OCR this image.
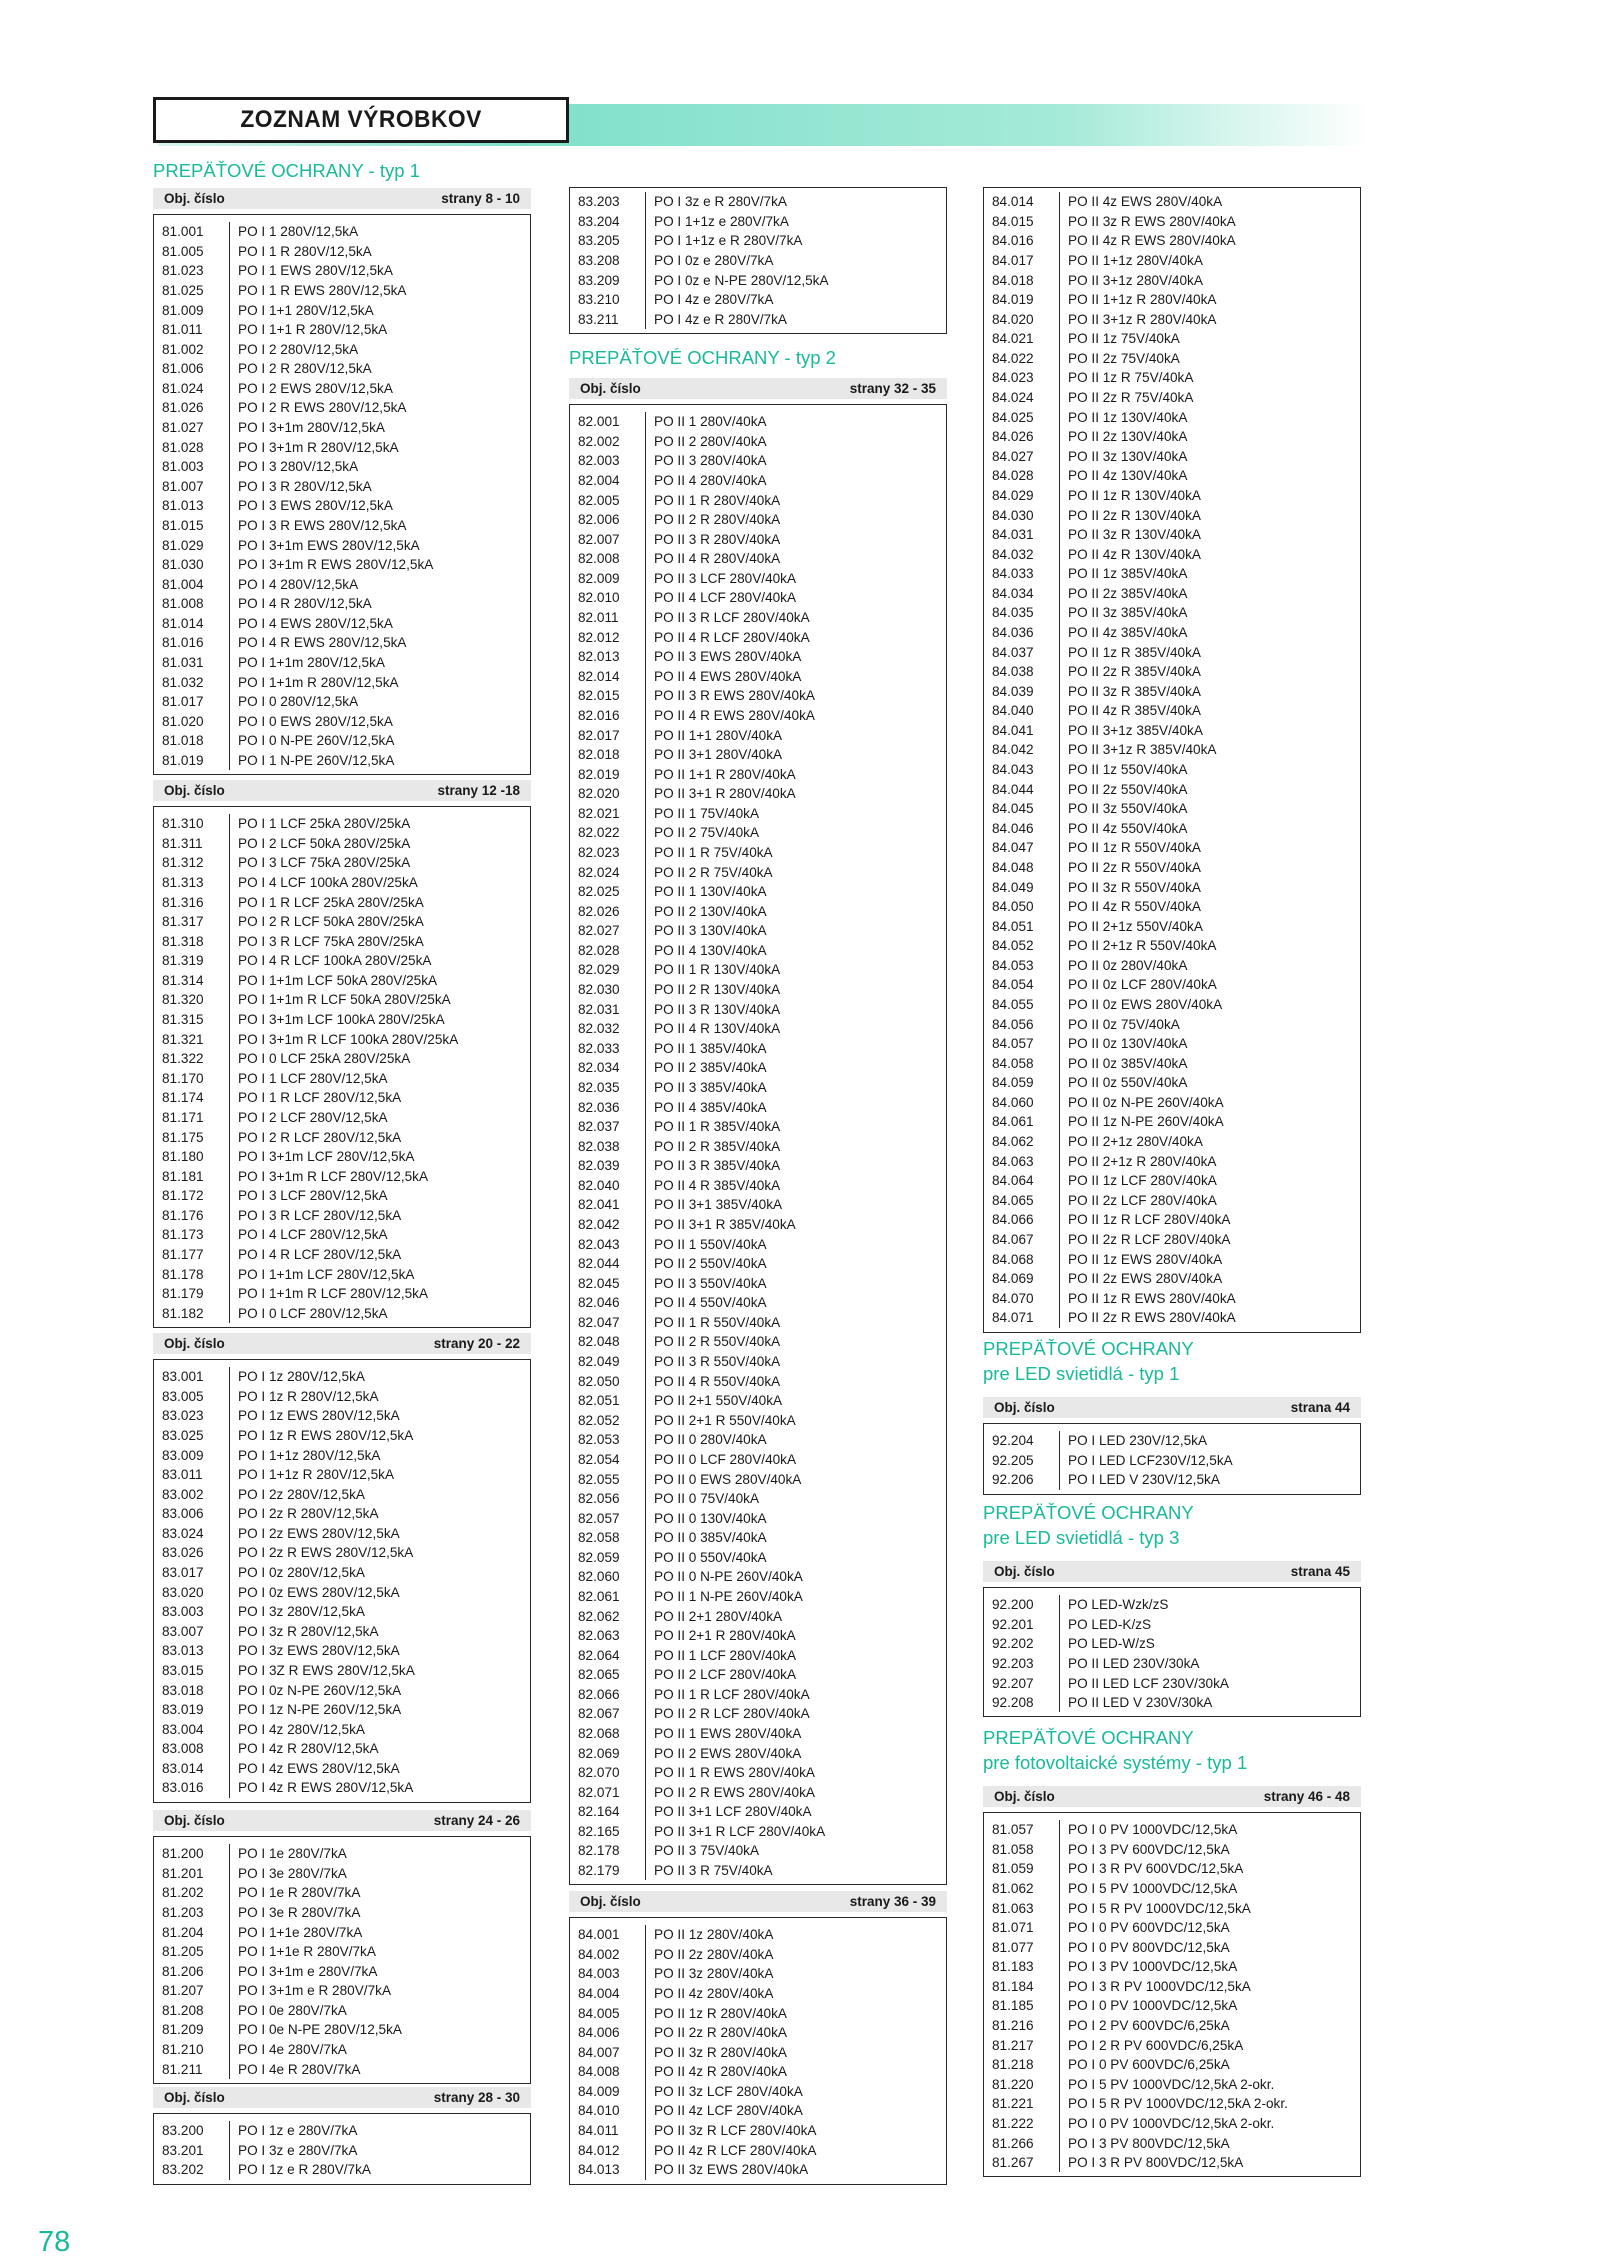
ZOZNAM VÝROBKOV
PREPÄŤOVÉ OCHRANY - typ 1
Obj. číslo	strany 8 - 10
81.001	PO I 1 280V/12,5kA
81.005	PO I 1 R 280V/12,5kA
81.023	PO I 1 EWS 280V/12,5kA
81.025	PO I 1 R EWS 280V/12,5kA
81.009	PO I 1+1 280V/12,5kA
81.011	PO I 1+1 R 280V/12,5kA
81.002	PO I 2 280V/12,5kA
81.006	PO I 2 R 280V/12,5kA
81.024	PO I 2 EWS 280V/12,5kA
81.026	PO I 2 R EWS 280V/12,5kA
81.027	PO I 3+1m 280V/12,5kA
81.028	PO I 3+1m R 280V/12,5kA
81.003	PO I 3 280V/12,5kA
81.007	PO I 3 R 280V/12,5kA
81.013	PO I 3 EWS 280V/12,5kA
81.015	PO I 3 R EWS 280V/12,5kA
81.029	PO I 3+1m EWS 280V/12,5kA
81.030	PO I 3+1m R EWS 280V/12,5kA
81.004	PO I 4 280V/12,5kA
81.008	PO I 4 R 280V/12,5kA
81.014	PO I 4 EWS 280V/12,5kA
81.016	PO I 4 R EWS 280V/12,5kA
81.031	PO I 1+1m 280V/12,5kA
81.032	PO I 1+1m R 280V/12,5kA
81.017	PO I 0 280V/12,5kA
81.020	PO I 0 EWS 280V/12,5kA
81.018	PO I 0 N-PE 260V/12,5kA
81.019	PO I 1 N-PE 260V/12,5kA
Obj. číslo	strany 12 -18
81.310	PO I 1 LCF 25kA 280V/25kA
81.311	PO I 2 LCF 50kA 280V/25kA
81.312	PO I 3 LCF 75kA 280V/25kA
81.313	PO I 4 LCF 100kA 280V/25kA
81.316	PO I 1 R LCF 25kA 280V/25kA
81.317	PO I 2 R LCF 50kA 280V/25kA
81.318	PO I 3 R LCF 75kA 280V/25kA
81.319	PO I 4 R LCF 100kA 280V/25kA
81.314	PO I 1+1m LCF 50kA 280V/25kA
81.320	PO I 1+1m R LCF 50kA 280V/25kA
81.315	PO I 3+1m LCF 100kA 280V/25kA
81.321	PO I 3+1m R LCF 100kA 280V/25kA
81.322	PO I 0 LCF 25kA 280V/25kA
81.170	PO I 1 LCF 280V/12,5kA
81.174	PO I 1 R LCF 280V/12,5kA
81.171	PO I 2 LCF 280V/12,5kA
81.175	PO I 2 R LCF 280V/12,5kA
81.180	PO I 3+1m LCF 280V/12,5kA
81.181	PO I 3+1m R LCF 280V/12,5kA
81.172	PO I 3 LCF 280V/12,5kA
81.176	PO I 3 R LCF 280V/12,5kA
81.173	PO I 4 LCF 280V/12,5kA
81.177	PO I 4 R LCF 280V/12,5kA
81.178	PO I 1+1m LCF 280V/12,5kA
81.179	PO I 1+1m R LCF 280V/12,5kA
81.182	PO I 0 LCF 280V/12,5kA
Obj. číslo	strany 20 - 22
83.001	PO I 1z 280V/12,5kA
83.005	PO I 1z R 280V/12,5kA
83.023	PO I 1z EWS 280V/12,5kA
83.025	PO I 1z R EWS 280V/12,5kA
83.009	PO I 1+1z 280V/12,5kA
83.011	PO I 1+1z R 280V/12,5kA
83.002	PO I 2z 280V/12,5kA
83.006	PO I 2z R 280V/12,5kA
83.024	PO I 2z EWS 280V/12,5kA
83.026	PO I 2z R EWS 280V/12,5kA
83.017	PO I 0z 280V/12,5kA
83.020	PO I 0z EWS 280V/12,5kA
83.003	PO I 3z 280V/12,5kA
83.007	PO I 3z R 280V/12,5kA
83.013	PO I 3z EWS 280V/12,5kA
83.015	PO I 3Z R EWS 280V/12,5kA
83.018	PO I 0z N-PE 260V/12,5kA
83.019	PO I 1z N-PE 260V/12,5kA
83.004	PO I 4z 280V/12,5kA
83.008	PO I 4z R 280V/12,5kA
83.014	PO I 4z EWS 280V/12,5kA
83.016	PO I 4z R EWS 280V/12,5kA
Obj. číslo	strany 24 - 26
81.200	PO I 1e 280V/7kA
81.201	PO I 3e 280V/7kA
81.202	PO I 1e R 280V/7kA
81.203	PO I 3e R 280V/7kA
81.204	PO I 1+1e 280V/7kA
81.205	PO I 1+1e R 280V/7kA
81.206	PO I 3+1m e 280V/7kA
81.207	PO I 3+1m e R 280V/7kA
81.208	PO I 0e 280V/7kA
81.209	PO I 0e N-PE 280V/12,5kA
81.210	PO I 4e 280V/7kA
81.211	PO I 4e R 280V/7kA
Obj. číslo	strany 28 - 30
83.200	PO I 1z e 280V/7kA
83.201	PO I 3z e 280V/7kA
83.202	PO I 1z e R 280V/7kA
83.203	PO I 3z e R 280V/7kA
83.204	PO I 1+1z e 280V/7kA
83.205	PO I 1+1z e R 280V/7kA
83.208	PO I 0z e 280V/7kA
83.209	PO I 0z e N-PE 280V/12,5kA
83.210	PO I 4z e 280V/7kA
83.211	PO I 4z e R 280V/7kA
PREPÄŤOVÉ OCHRANY - typ 2
Obj. číslo	strany 32 - 35
82.001	PO II 1 280V/40kA
82.002	PO II 2 280V/40kA
82.003	PO II 3 280V/40kA
82.004	PO II 4 280V/40kA
82.005	PO II 1 R 280V/40kA
82.006	PO II 2 R 280V/40kA
82.007	PO II 3 R 280V/40kA
82.008	PO II 4 R 280V/40kA
82.009	PO II 3 LCF 280V/40kA
82.010	PO II 4 LCF 280V/40kA
82.011	PO II 3 R LCF 280V/40kA
82.012	PO II 4 R LCF 280V/40kA
82.013	PO II 3 EWS 280V/40kA
82.014	PO II 4 EWS 280V/40kA
82.015	PO II 3 R EWS 280V/40kA
82.016	PO II 4 R EWS 280V/40kA
82.017	PO II 1+1 280V/40kA
82.018	PO II 3+1 280V/40kA
82.019	PO II 1+1 R 280V/40kA
82.020	PO II 3+1 R 280V/40kA
82.021	PO II 1 75V/40kA
82.022	PO II 2 75V/40kA
82.023	PO II 1 R 75V/40kA
82.024	PO II 2 R 75V/40kA
82.025	PO II 1 130V/40kA
82.026	PO II 2 130V/40kA
82.027	PO II 3 130V/40kA
82.028	PO II 4 130V/40kA
82.029	PO II 1 R 130V/40kA
82.030	PO II 2 R 130V/40kA
82.031	PO II 3 R 130V/40kA
82.032	PO II 4 R 130V/40kA
82.033	PO II 1 385V/40kA
82.034	PO II 2 385V/40kA
82.035	PO II 3 385V/40kA
82.036	PO II 4 385V/40kA
82.037	PO II 1 R 385V/40kA
82.038	PO II 2 R 385V/40kA
82.039	PO II 3 R 385V/40kA
82.040	PO II 4 R 385V/40kA
82.041	PO II 3+1 385V/40kA
82.042	PO II 3+1 R 385V/40kA
82.043	PO II 1 550V/40kA
82.044	PO II 2 550V/40kA
82.045	PO II 3 550V/40kA
82.046	PO II 4 550V/40kA
82.047	PO II 1 R 550V/40kA
82.048	PO II 2 R 550V/40kA
82.049	PO II 3 R 550V/40kA
82.050	PO II 4 R 550V/40kA
82.051	PO II 2+1 550V/40kA
82.052	PO II 2+1 R 550V/40kA
82.053	PO II 0 280V/40kA
82.054	PO II 0 LCF 280V/40kA
82.055	PO II 0 EWS 280V/40kA
82.056	PO II 0 75V/40kA
82.057	PO II 0 130V/40kA
82.058	PO II 0 385V/40kA
82.059	PO II 0 550V/40kA
82.060	PO II 0 N-PE 260V/40kA
82.061	PO II 1 N-PE 260V/40kA
82.062	PO II 2+1 280V/40kA
82.063	PO II 2+1 R 280V/40kA
82.064	PO II 1 LCF 280V/40kA
82.065	PO II 2 LCF 280V/40kA
82.066	PO II 1 R LCF 280V/40kA
82.067	PO II 2 R LCF 280V/40kA
82.068	PO II 1 EWS 280V/40kA
82.069	PO II 2 EWS 280V/40kA
82.070	PO II 1 R EWS 280V/40kA
82.071	PO II 2 R EWS 280V/40kA
82.164	PO II 3+1 LCF 280V/40kA
82.165	PO II 3+1 R LCF 280V/40kA
82.178	PO II 3 75V/40kA
82.179	PO II 3 R 75V/40kA
Obj. číslo	strany 36 - 39
84.001	PO II 1z 280V/40kA
84.002	PO II 2z 280V/40kA
84.003	PO II 3z 280V/40kA
84.004	PO II 4z 280V/40kA
84.005	PO II 1z R 280V/40kA
84.006	PO II 2z R 280V/40kA
84.007	PO II 3z R 280V/40kA
84.008	PO II 4z R 280V/40kA
84.009	PO II 3z LCF 280V/40kA
84.010	PO II 4z LCF 280V/40kA
84.011	PO II 3z R LCF 280V/40kA
84.012	PO II 4z R LCF 280V/40kA
84.013	PO II 3z EWS 280V/40kA
84.014	PO II 4z EWS 280V/40kA
84.015	PO II 3z R EWS 280V/40kA
84.016	PO II 4z R EWS 280V/40kA
84.017	PO II 1+1z 280V/40kA
84.018	PO II 3+1z 280V/40kA
84.019	PO II 1+1z R 280V/40kA
84.020	PO II 3+1z R 280V/40kA
84.021	PO II 1z 75V/40kA
84.022	PO II 2z 75V/40kA
84.023	PO II 1z R 75V/40kA
84.024	PO II 2z R 75V/40kA
84.025	PO II 1z 130V/40kA
84.026	PO II 2z 130V/40kA
84.027	PO II 3z 130V/40kA
84.028	PO II 4z 130V/40kA
84.029	PO II 1z R 130V/40kA
84.030	PO II 2z R 130V/40kA
84.031	PO II 3z R 130V/40kA
84.032	PO II 4z R 130V/40kA
84.033	PO II 1z 385V/40kA
84.034	PO II 2z 385V/40kA
84.035	PO II 3z 385V/40kA
84.036	PO II 4z 385V/40kA
84.037	PO II 1z R 385V/40kA
84.038	PO II 2z R 385V/40kA
84.039	PO II 3z R 385V/40kA
84.040	PO II 4z R 385V/40kA
84.041	PO II 3+1z 385V/40kA
84.042	PO II 3+1z R 385V/40kA
84.043	PO II 1z 550V/40kA
84.044	PO II 2z 550V/40kA
84.045	PO II 3z 550V/40kA
84.046	PO II 4z 550V/40kA
84.047	PO II 1z R 550V/40kA
84.048	PO II 2z R 550V/40kA
84.049	PO II 3z R 550V/40kA
84.050	PO II 4z R 550V/40kA
84.051	PO II 2+1z 550V/40kA
84.052	PO II 2+1z R 550V/40kA
84.053	PO II 0z 280V/40kA
84.054	PO II 0z LCF 280V/40kA
84.055	PO II 0z EWS 280V/40kA
84.056	PO II 0z 75V/40kA
84.057	PO II 0z 130V/40kA
84.058	PO II 0z 385V/40kA
84.059	PO II 0z 550V/40kA
84.060	PO II 0z N-PE 260V/40kA
84.061	PO II 1z N-PE 260V/40kA
84.062	PO II 2+1z 280V/40kA
84.063	PO II 2+1z R 280V/40kA
84.064	PO II 1z LCF 280V/40kA
84.065	PO II 2z LCF 280V/40kA
84.066	PO II 1z R LCF 280V/40kA
84.067	PO II 2z R LCF 280V/40kA
84.068	PO II 1z EWS 280V/40kA
84.069	PO II 2z EWS 280V/40kA
84.070	PO II 1z R EWS 280V/40kA
84.071	PO II 2z R EWS 280V/40kA
PREPÄŤOVÉ OCHRANY
pre LED svietidlá - typ 1
Obj. číslo	strana 44
92.204	PO I LED 230V/12,5kA
92.205	PO I LED LCF230V/12,5kA
92.206	PO I LED V 230V/12,5kA
PREPÄŤOVÉ OCHRANY
pre LED svietidlá - typ 3
Obj. číslo	strana 45
92.200	PO LED-Wzk/zS
92.201	PO LED-K/zS
92.202	PO LED-W/zS
92.203	PO II LED 230V/30kA
92.207	PO II LED LCF 230V/30kA
92.208	PO II LED V 230V/30kA
PREPÄŤOVÉ OCHRANY
pre fotovoltaické systémy - typ 1
Obj. číslo	strany 46 - 48
81.057	PO I 0 PV 1000VDC/12,5kA
81.058	PO I 3 PV 600VDC/12,5kA
81.059	PO I 3 R PV 600VDC/12,5kA
81.062	PO I 5 PV 1000VDC/12,5kA
81.063	PO I 5 R PV 1000VDC/12,5kA
81.071	PO I 0 PV 600VDC/12,5kA
81.077	PO I 0 PV 800VDC/12,5kA
81.183	PO I 3 PV 1000VDC/12,5kA
81.184	PO I 3 R PV 1000VDC/12,5kA
81.185	PO I 0 PV 1000VDC/12,5kA
81.216	PO I 2 PV 600VDC/6,25kA
81.217	PO I 2 R PV 600VDC/6,25kA
81.218	PO I 0 PV 600VDC/6,25kA
81.220	PO I 5 PV 1000VDC/12,5kA 2-okr.
81.221	PO I 5 R PV 1000VDC/12,5kA 2-okr.
81.222	PO I 0 PV 1000VDC/12,5kA 2-okr.
81.266	PO I 3 PV 800VDC/12,5kA
81.267	PO I 3 R PV 800VDC/12,5kA
78
